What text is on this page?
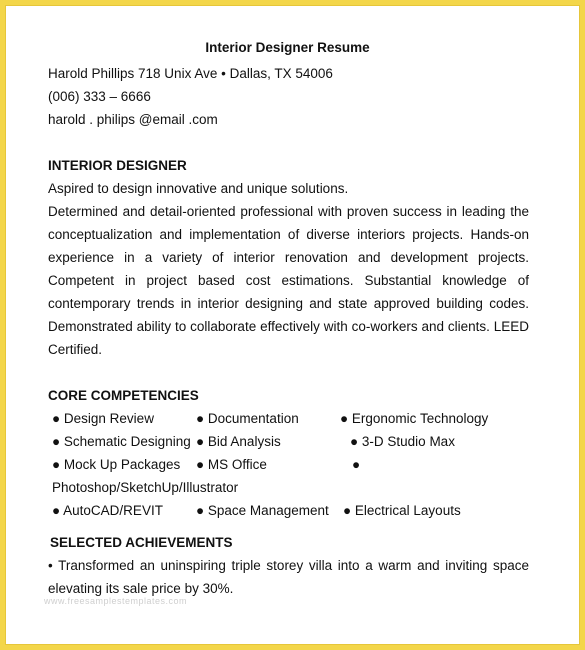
Interior Designer Resume
Harold Phillips 718 Unix Ave • Dallas, TX 54006
(006) 333 – 6666
harold . philips @email .com
INTERIOR DESIGNER
Aspired to design innovative and unique solutions.
Determined and detail-oriented professional with proven success in leading the conceptualization and implementation of diverse interiors projects. Hands-on experience in a variety of interior renovation and development projects. Competent in project based cost estimations. Substantial knowledge of contemporary trends in interior designing and state approved building codes. Demonstrated ability to collaborate effectively with co-workers and clients. LEED Certified.
CORE COMPETENCIES
● Design Review	● Documentation	● Ergonomic Technology
● Schematic Designing ● Bid Analysis	● 3-D Studio Max
● Mock Up Packages ● MS Office	●
Photoshop/SketchUp/Illustrator
● AutoCAD/REVIT ● Space Management ● Electrical Layouts
SELECTED ACHIEVEMENTS
• Transformed an uninspiring triple storey villa into a warm and inviting space elevating its sale price by 30%.
www.freesamplestemplates.com
